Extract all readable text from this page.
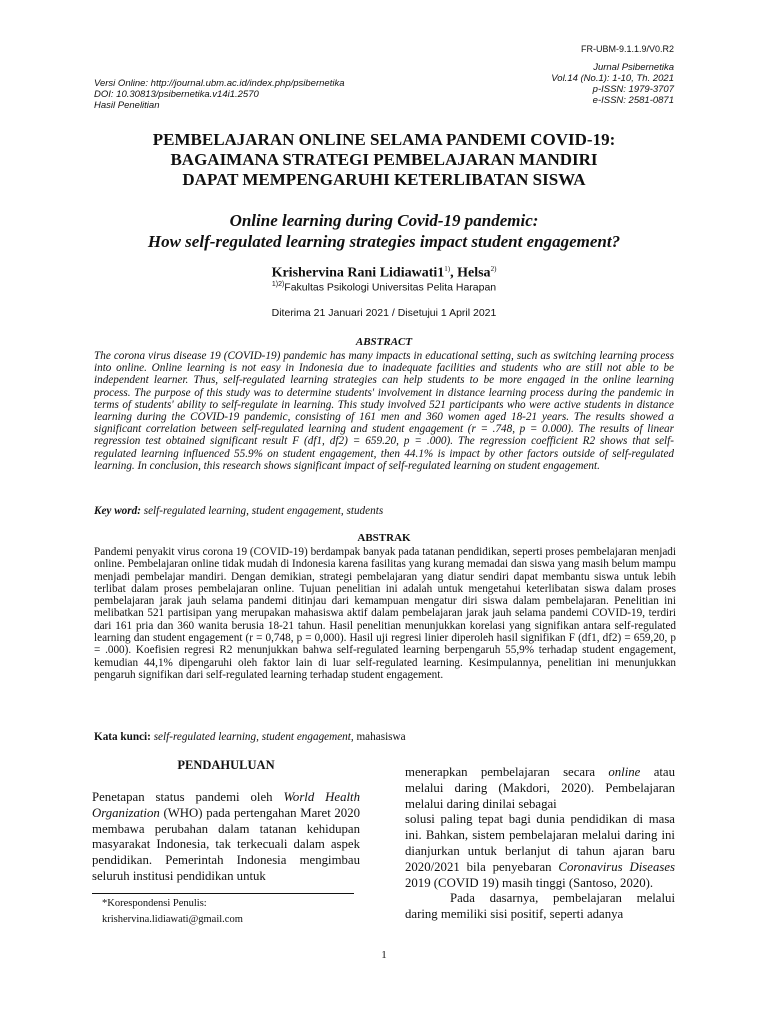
FR-UBM-9.1.1.9/V0.R2
Jurnal Psibernetika
Vol.14 (No.1): 1-10, Th. 2021
p-ISSN: 1979-3707
e-ISSN: 2581-0871
Versi Online: http://journal.ubm.ac.id/index.php/psibernetika
DOI: 10.30813/psibernetika.v14i1.2570
Hasil Penelitian
PEMBELAJARAN ONLINE SELAMA PANDEMI COVID-19:
BAGAIMANA STRATEGI PEMBELAJARAN MANDIRI
DAPAT MEMPENGARUHI KETERLIBATAN SISWA
Online learning during Covid-19 pandemic:
How self-regulated learning strategies impact student engagement?
Krishervina Rani Lidiawati1$^{1)}$, Helsa$^{2)}$
$^{1)2)}$Fakultas Psikologi Universitas Pelita Harapan
Diterima 21 Januari 2021 / Disetujui 1 April 2021
ABSTRACT
The corona virus disease 19 (COVID-19) pandemic has many impacts in educational setting, such as switching learning process into online. Online learning is not easy in Indonesia due to inadequate facilities and students who are still not able to be independent learner. Thus, self-regulated learning strategies can help students to be more engaged in the online learning process. The purpose of this study was to determine students' involvement in distance learning process during the pandemic in terms of students' ability to self-regulate in learning. This study involved 521 participants who were active students in distance learning during the COVID-19 pandemic, consisting of 161 men and 360 women aged 18-21 years. The results showed a significant correlation between self-regulated learning and student engagement (r = .748, p = 0.000). The results of linear regression test obtained significant result F (df1, df2) = 659.20, p = .000). The regression coefficient R2 shows that self-regulated learning influenced 55.9% on student engagement, then 44.1% is impact by other factors outside of self-regulated learning. In conclusion, this research shows significant impact of self-regulated learning on student engagement.
Key word: self-regulated learning, student engagement, students
ABSTRAK
Pandemi penyakit virus corona 19 (COVID-19) berdampak banyak pada tatanan pendidikan, seperti proses pembelajaran menjadi online. Pembelajaran online tidak mudah di Indonesia karena fasilitas yang kurang memadai dan siswa yang masih belum mampu menjadi pembelajar mandiri. Dengan demikian, strategi pembelajaran yang diatur sendiri dapat membantu siswa untuk lebih terlibat dalam proses pembelajaran online. Tujuan penelitian ini adalah untuk mengetahui keterlibatan siswa dalam proses pembelajaran jarak jauh selama pandemi ditinjau dari kemampuan mengatur diri siswa dalam pembelajaran. Penelitian ini melibatkan 521 partisipan yang merupakan mahasiswa aktif dalam pembelajaran jarak jauh selama pandemi COVID-19, terdiri dari 161 pria dan 360 wanita berusia 18-21 tahun. Hasil penelitian menunjukkan korelasi yang signifikan antara self-regulated learning dan student engagement (r = 0,748, p = 0,000). Hasil uji regresi linier diperoleh hasil signifikan F (df1, df2) = 659,20, p = .000). Koefisien regresi R2 menunjukkan bahwa self-regulated learning berpengaruh 55,9% terhadap student engagement, kemudian 44,1% dipengaruhi oleh faktor lain di luar self-regulated learning. Kesimpulannya, penelitian ini menunjukkan pengaruh signifikan dari self-regulated learning terhadap student engagement.
Kata kunci: self-regulated learning, student engagement, mahasiswa
PENDAHULUAN
Penetapan status pandemi oleh World Health Organization (WHO) pada pertengahan Maret 2020 membawa perubahan dalam tatanan kehidupan masyarakat Indonesia, tak terkecuali dalam aspek pendidikan. Pemerintah Indonesia mengimbau seluruh institusi pendidikan untuk
*Korespondensi Penulis:
krishervina.lidiawati@gmail.com

menerapkan pembelajaran secara online atau melalui daring (Makdori, 2020). Pembelajaran melalui daring dinilai sebagai

solusi paling tepat bagi dunia pendidikan di masa ini. Bahkan, sistem pembelajaran melalui daring ini dianjurkan untuk berlanjut di tahun ajaran baru 2020/2021 bila penyebaran Coronavirus Diseases 2019 (COVID 19) masih tinggi (Santoso, 2020).

Pada dasarnya, pembelajaran melalui daring memiliki sisi positif, seperti adanya

1
